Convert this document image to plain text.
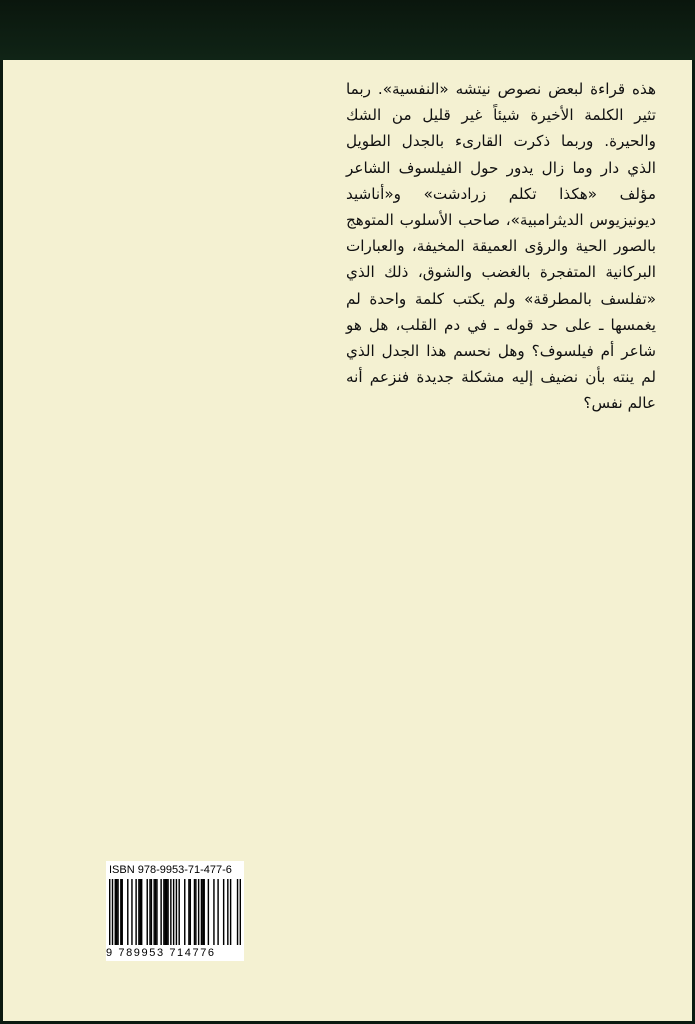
هذه قراءة لبعض نصوص نيتشه «النفسية». ربما تثير الكلمة الأخيرة شيئاً غير قليل من الشك والحيرة. وربما ذكرت القارىء بالجدل الطويل الذي دار وما زال يدور حول الفيلسوف الشاعر مؤلف «هكذا تكلم زرادشت» و«أناشيد ديونيزيوس الديثرامبية»، صاحب الأسلوب المتوهج بالصور الحية والرؤى العميقة المخيفة، والعبارات البركانية المتفجرة بالغضب والشوق، ذلك الذي «تفلسف بالمطرقة» ولم يكتب كلمة واحدة لم يغمسها ـ على حد قوله ـ في دم القلب، هل هو شاعر أم فيلسوف؟ وهل نحسم هذا الجدل الذي لم ينته بأن نضيف إليه مشكلة جديدة فنزعم أنه عالم نفس؟

ISBN 978-9953-71-477-6
9 789953 714776
